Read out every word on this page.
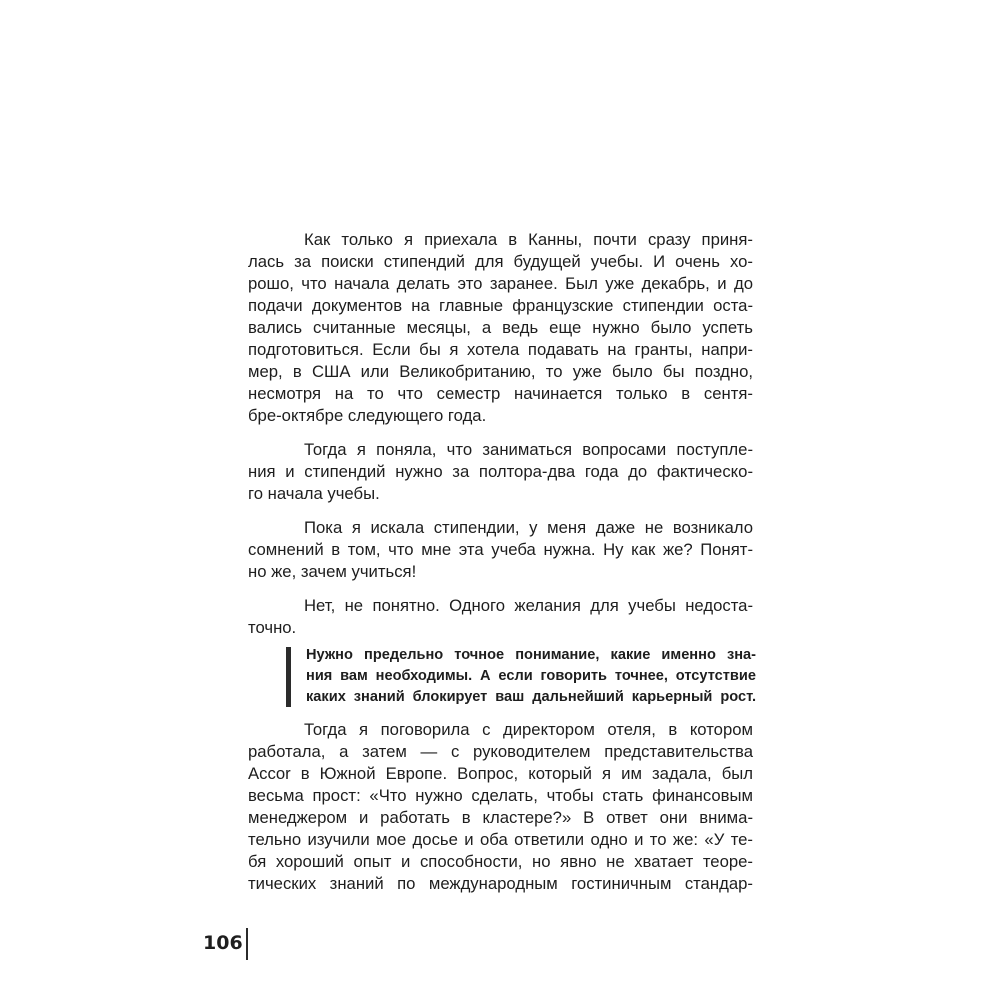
Как только я приехала в Канны, почти сразу приня-
лась за поиски стипендий для будущей учебы. И очень хо-
рошо, что начала делать это заранее. Был уже декабрь, и до
подачи документов на главные французские стипендии оста-
вались считанные месяцы, а ведь еще нужно было успеть
подготовиться. Если бы я хотела подавать на гранты, напри-
мер, в США или Великобританию, то уже было бы поздно,
несмотря на то что семестр начинается только в сентя-
бре-октябре следующего года.
Тогда я поняла, что заниматься вопросами поступле-
ния и стипендий нужно за полтора-два года до фактическо-
го начала учебы.
Пока я искала стипендии, у меня даже не возникало
сомнений в том, что мне эта учеба нужна. Ну как же? Понят-
но же, зачем учиться!
Нет, не понятно. Одного желания для учебы недоста-
точно.
Нужно предельно точное понимание, какие именно зна-
ния вам необходимы. А если говорить точнее, отсутствие
каких знаний блокирует ваш дальнейший карьерный рост.
Тогда я поговорила с директором отеля, в котором
работала, а затем — с руководителем представительства
Accor в Южной Европе. Вопрос, который я им задала, был
весьма прост: «Что нужно сделать, чтобы стать финансовым
менеджером и работать в кластере?» В ответ они внима-
тельно изучили мое досье и оба ответили одно и то же: «У те-
бя хороший опыт и способности, но явно не хватает теоре-
тических знаний по международным гостиничным стандар-
106
